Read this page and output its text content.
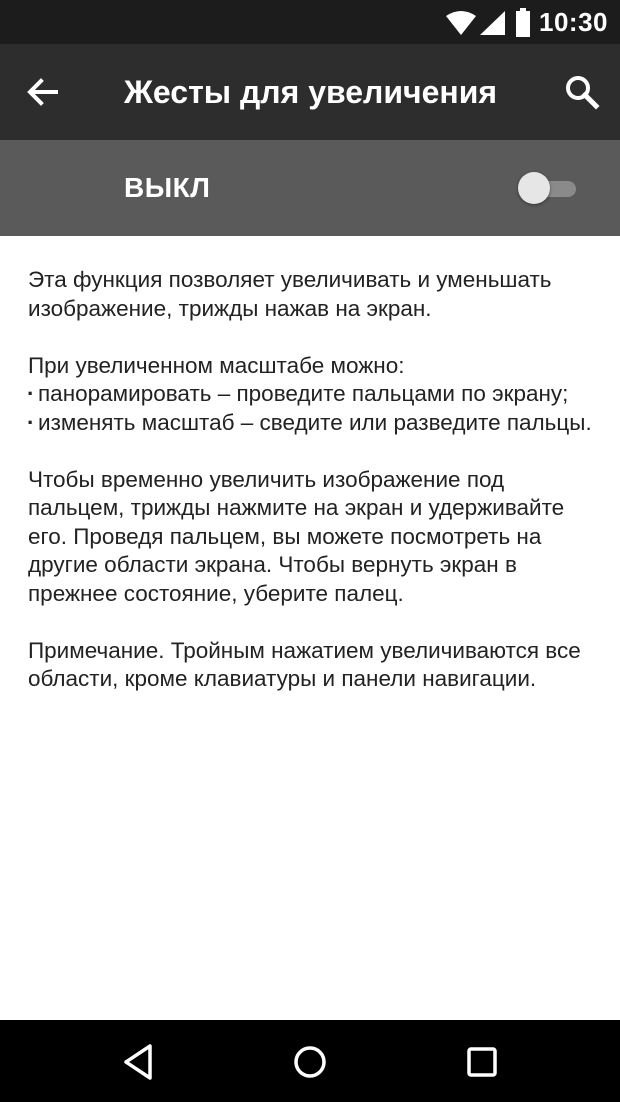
10:30
Жесты для увеличения
ВЫКЛ

Эта функция позволяет увеличивать и уменьшать изображение, трижды нажав на экран.

При увеличенном масштабе можно:
· панорамировать – проведите пальцами по экрану;
· изменять масштаб – сведите или разведите пальцы.

Чтобы временно увеличить изображение под пальцем, трижды нажмите на экран и удерживайте его. Проведя пальцем, вы можете посмотреть на другие области экрана. Чтобы вернуть экран в прежнее состояние, уберите палец.

Примечание. Тройным нажатием увеличиваются все области, кроме клавиатуры и панели навигации.
